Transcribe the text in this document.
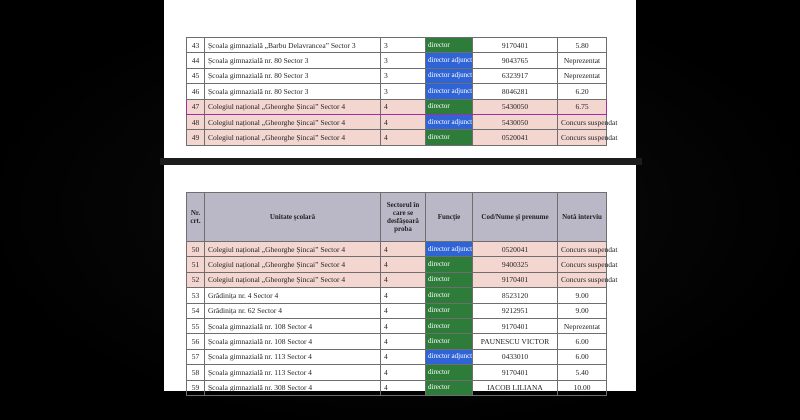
43	Școala gimnazială „Barbu Delavrancea” Sector 3	3	director	9170401	5.80
44	Școala gimnazială nr. 80 Sector 3	3	director adjunct	9043765	Neprezentat
45	Școala gimnazială nr. 80 Sector 3	3	director adjunct	6323917	Neprezentat
46	Școala gimnazială nr. 80 Sector 3	3	director adjunct	8046281	6.20
47	Colegiul național „Gheorghe Șincai” Sector 4	4	director	5430050	6.75
48	Colegiul național „Gheorghe Șincai” Sector 4	4	director adjunct	5430050	Concurs suspendat
49	Colegiul național „Gheorghe Șincai” Sector 4	4	director	0520041	Concurs suspendat
Nr. crt.	Unitate școlară	Sectorul în care se desfășoară proba	Funcție	Cod/Nume și prenume	Notă interviu
50	Colegiul național „Gheorghe Șincai” Sector 4	4	director adjunct	0520041	Concurs suspendat
51	Colegiul național „Gheorghe Șincai” Sector 4	4	director	9400325	Concurs suspendat
52	Colegiul național „Gheorghe Șincai” Sector 4	4	director	9170401	Concurs suspendat
53	Grădinița nr. 4 Sector 4	4	director	8523120	9.00
54	Grădinița nr. 62 Sector 4	4	director	9212951	9.00
55	Școala gimnazială nr. 108 Sector 4	4	director	9170401	Neprezentat
56	Școala gimnazială nr. 108 Sector 4	4	director	PAUNESCU VICTOR	6.00
57	Școala gimnazială nr. 113 Sector 4	4	director adjunct	0433010	6.00
58	Școala gimnazială nr. 113 Sector 4	4	director	9170401	5.40
59	Școala gimnazială nr. 308 Sector 4	4	director	IACOB LILIANA	10.00
